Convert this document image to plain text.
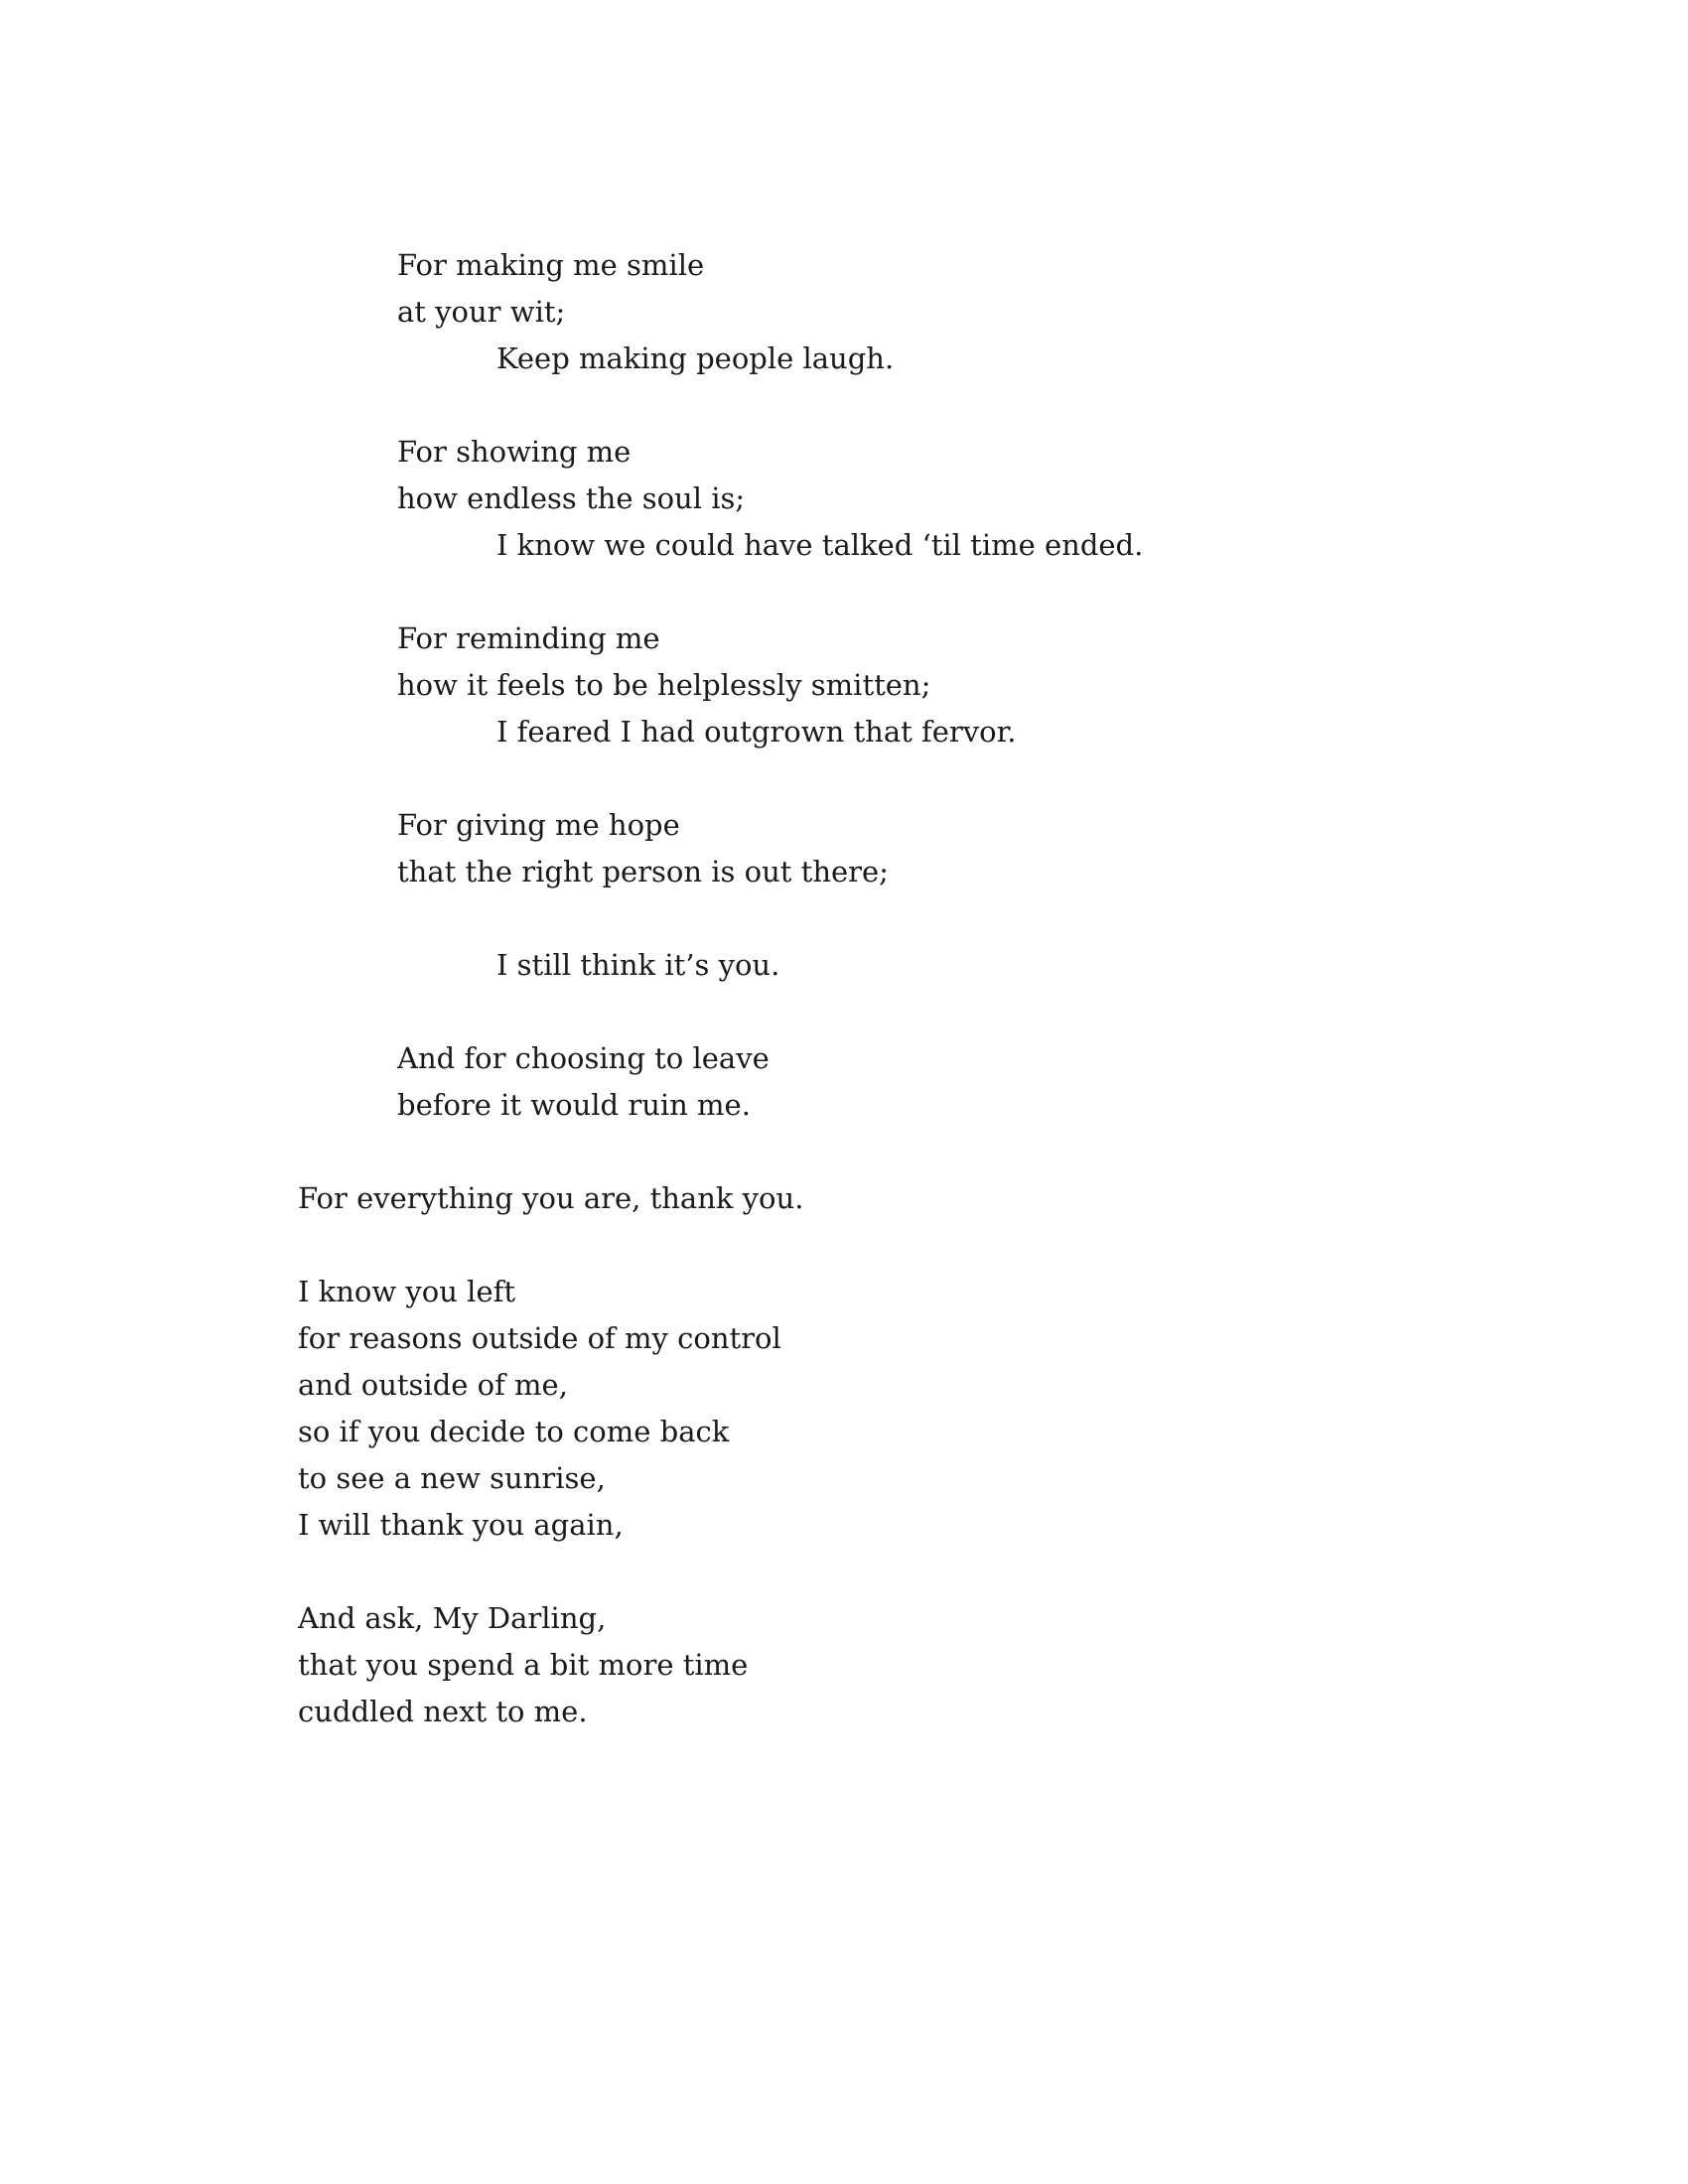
For making me smile
at your wit;
Keep making people laugh.
For showing me
how endless the soul is;
I know we could have talked ‘til time ended.
For reminding me
how it feels to be helplessly smitten;
I feared I had outgrown that fervor.
For giving me hope
that the right person is out there;
I still think it’s you.
And for choosing to leave
before it would ruin me.
For everything you are, thank you.
I know you left
for reasons outside of my control
and outside of me,
so if you decide to come back
to see a new sunrise,
I will thank you again,
And ask, My Darling,
that you spend a bit more time
cuddled next to me.
